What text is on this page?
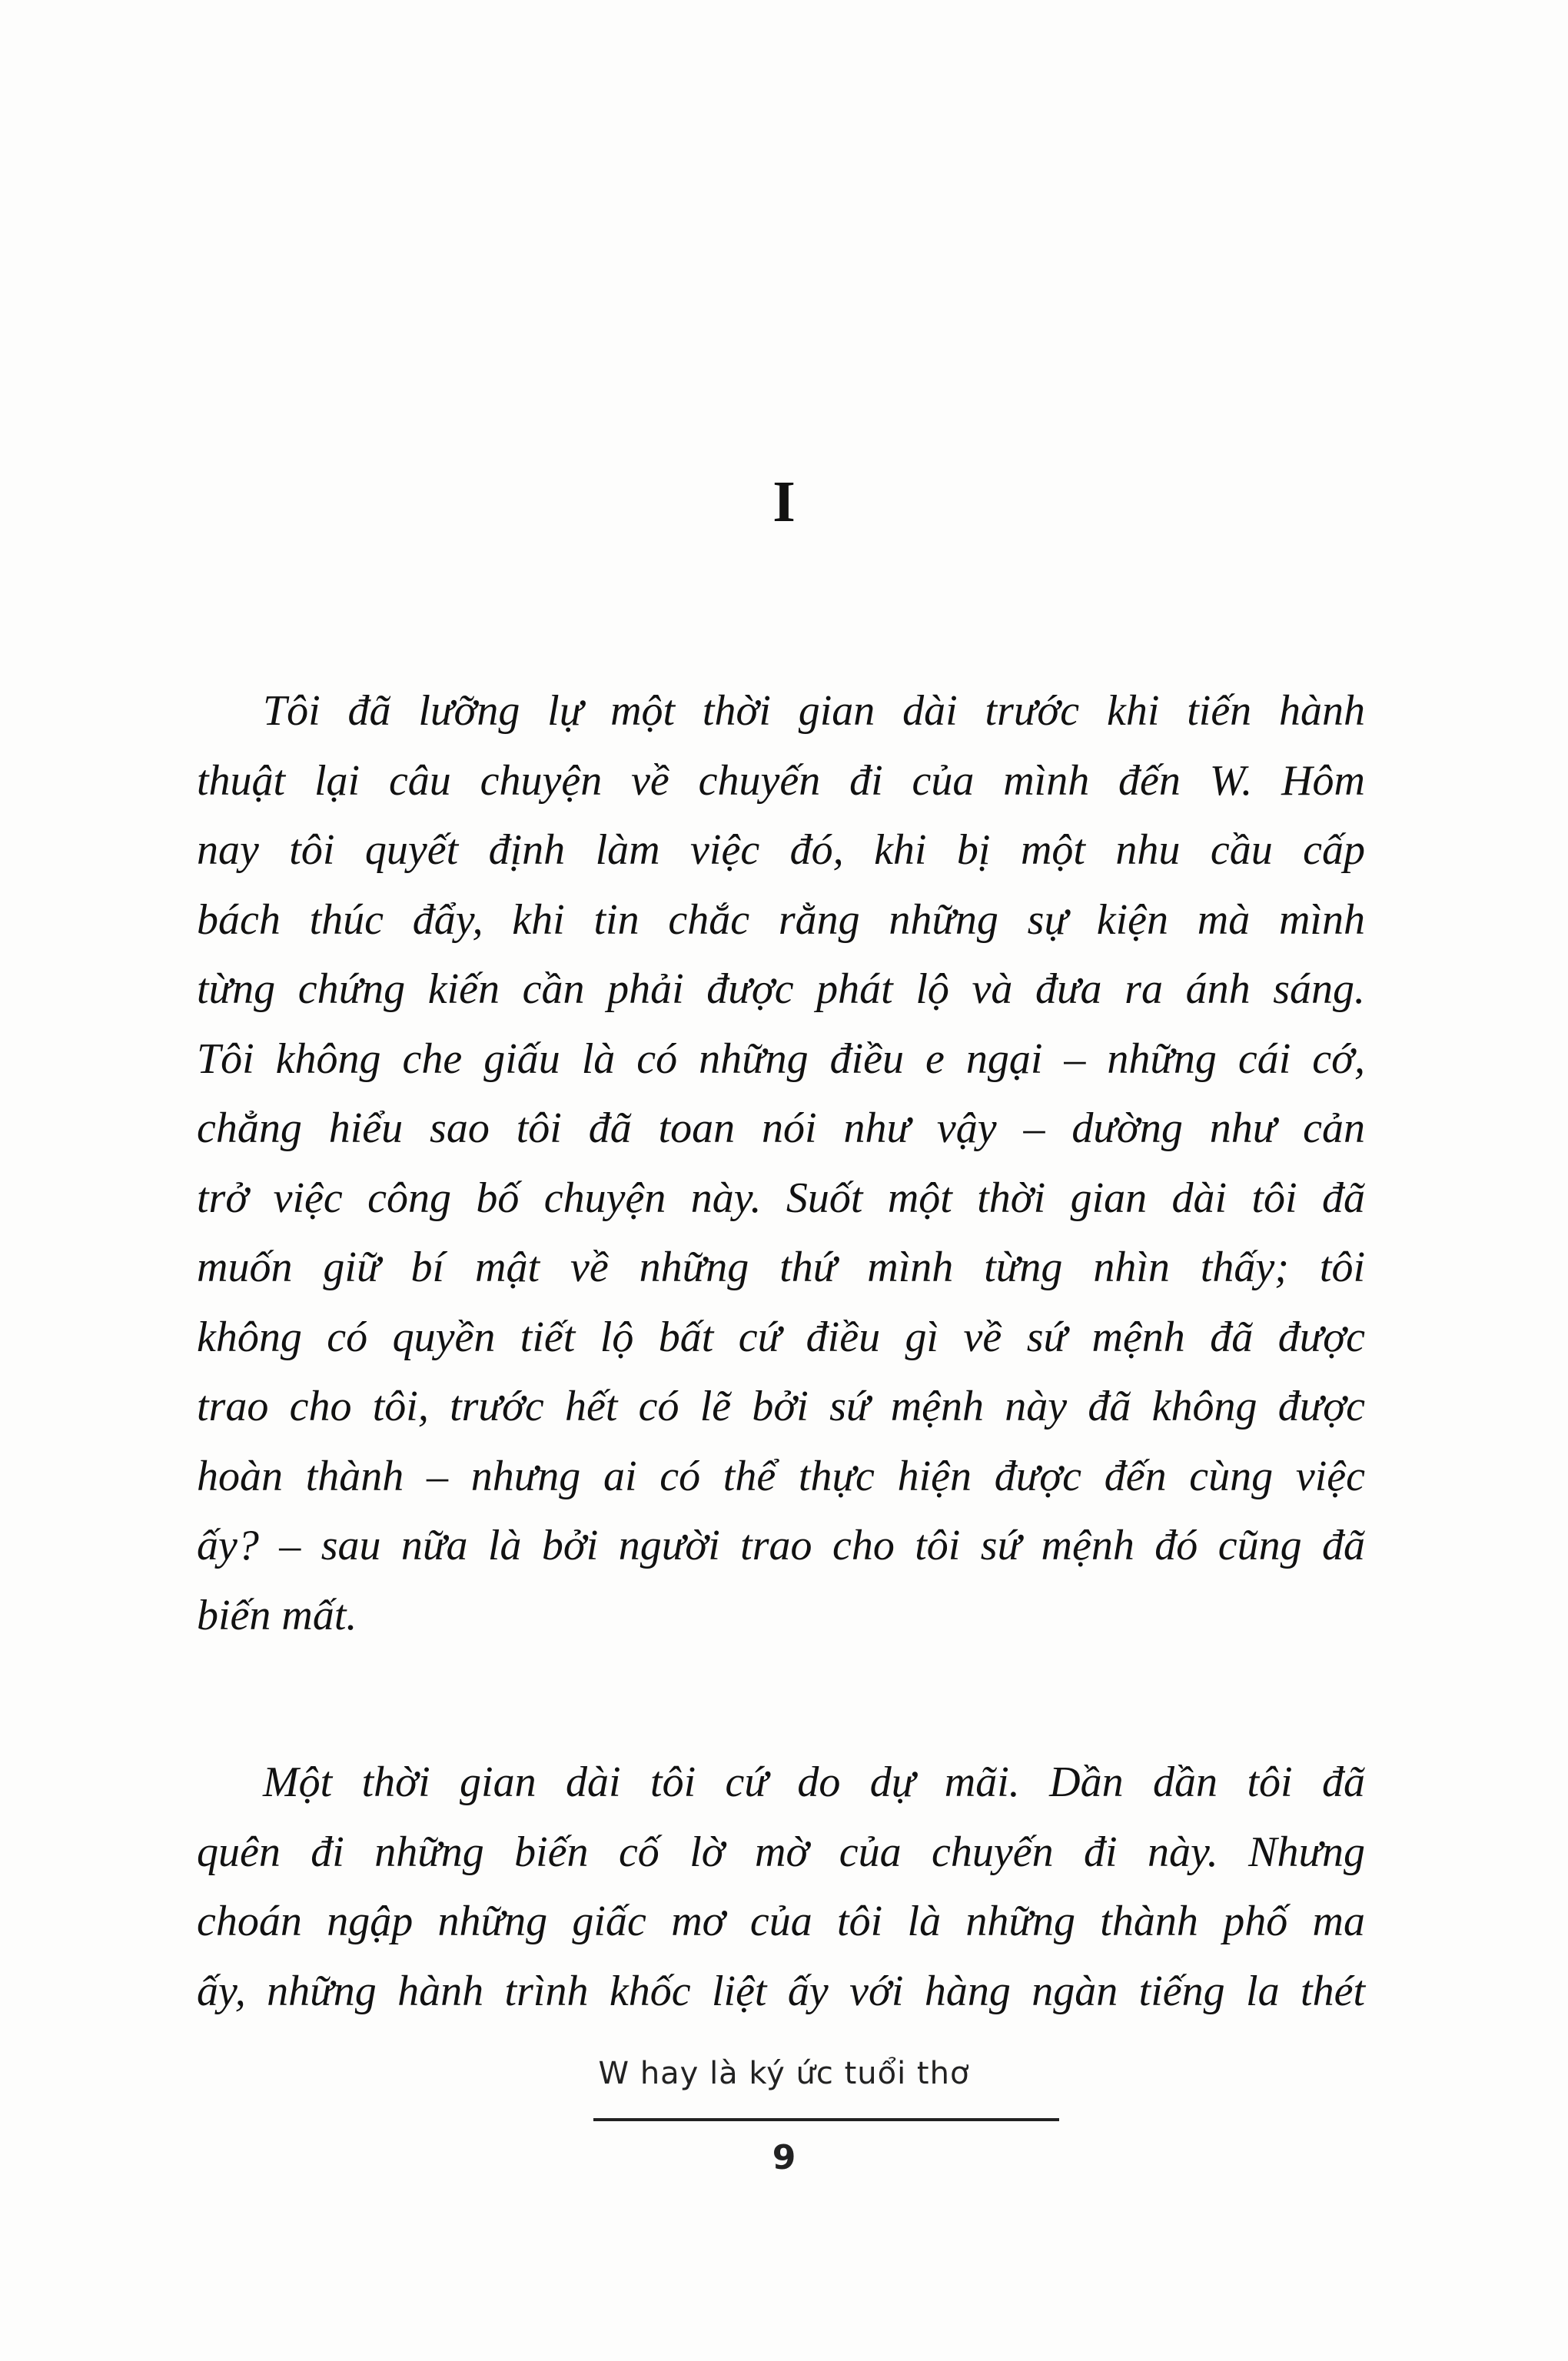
I
Tôi đã lưỡng lự một thời gian dài trước khi tiến hành
thuật lại câu chuyện về chuyến đi của mình đến W. Hôm
nay tôi quyết định làm việc đó, khi bị một nhu cầu cấp
bách thúc đẩy, khi tin chắc rằng những sự kiện mà mình
từng chứng kiến cần phải được phát lộ và đưa ra ánh sáng.
Tôi không che giấu là có những điều e ngại – những cái cớ,
chẳng hiểu sao tôi đã toan nói như vậy – dường như cản
trở việc công bố chuyện này. Suốt một thời gian dài tôi đã
muốn giữ bí mật về những thứ mình từng nhìn thấy; tôi
không có quyền tiết lộ bất cứ điều gì về sứ mệnh đã được
trao cho tôi, trước hết có lẽ bởi sứ mệnh này đã không được
hoàn thành – nhưng ai có thể thực hiện được đến cùng việc
ấy? – sau nữa là bởi người trao cho tôi sứ mệnh đó cũng đã
biến mất.
Một thời gian dài tôi cứ do dự mãi. Dần dần tôi đã
quên đi những biến cố lờ mờ của chuyến đi này. Nhưng
choán ngập những giấc mơ của tôi là những thành phố ma
ấy, những hành trình khốc liệt ấy với hàng ngàn tiếng la thét
W hay là ký ức tuổi thơ
9
